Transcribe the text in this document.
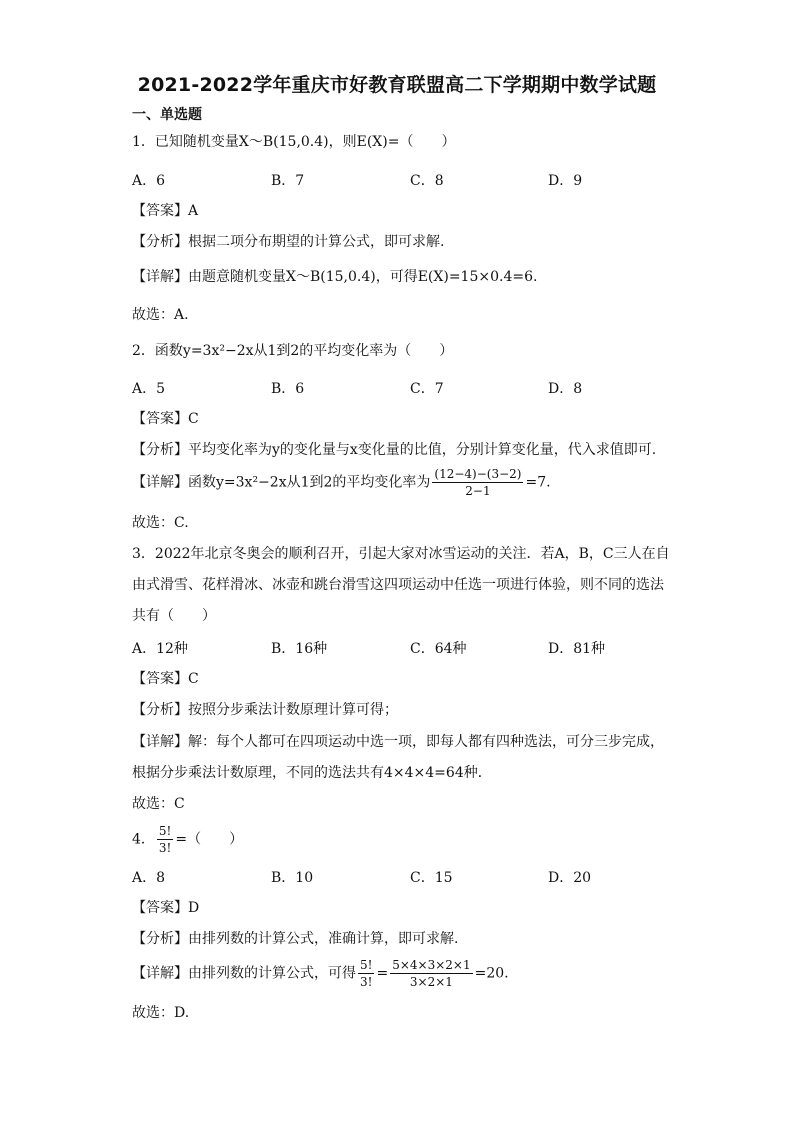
2021-2022学年重庆市好教育联盟高二下学期期中数学试题
一、单选题
1．已知随机变量X～B(15,0.4)，则E(X)=（　　）
A．6	B．7	C．8	D．9
【答案】A
【分析】根据二项分布期望的计算公式，即可求解.
【详解】由题意随机变量X～B(15,0.4)，可得E(X)=15×0.4=6.
故选：A.
2．函数y=3x²−2x从1到2的平均变化率为（　　）
A．5	B．6	C．7	D．8
【答案】C
【分析】平均变化率为y的变化量与x变化量的比值，分别计算变化量，代入求值即可.
【详解】函数y=3x²−2x从1到2的平均变化率为 $\frac{(12-4)-(3-2)}{2-1} =7$.
故选：C.
3．2022年北京冬奥会的顺利召开，引起大家对冰雪运动的关注．若A，B，C三人在自
由式滑雪、花样滑冰、冰壶和跳台滑雪这四项运动中任选一项进行体验，则不同的选法
共有（　　）
A．12种	B．16种	C．64种	D．81种
【答案】C
【分析】按照分步乘法计数原理计算可得；
【详解】解：每个人都可在四项运动中选一项，即每人都有四种选法，可分三步完成，
根据分步乘法计数原理，不同的选法共有4×4×4=64种．
故选：C
4． $\frac{5!}{3!}$ =（　　）
A．8	B．10	C．15	D．20
【答案】D
【分析】由排列数的计算公式，准确计算，即可求解.
【详解】由排列数的计算公式，可得 $\frac{5!}{3!} = \frac{5\times 4\times 3\times 2\times 1}{3\times 2\times 1} =20$.
故选：D.
